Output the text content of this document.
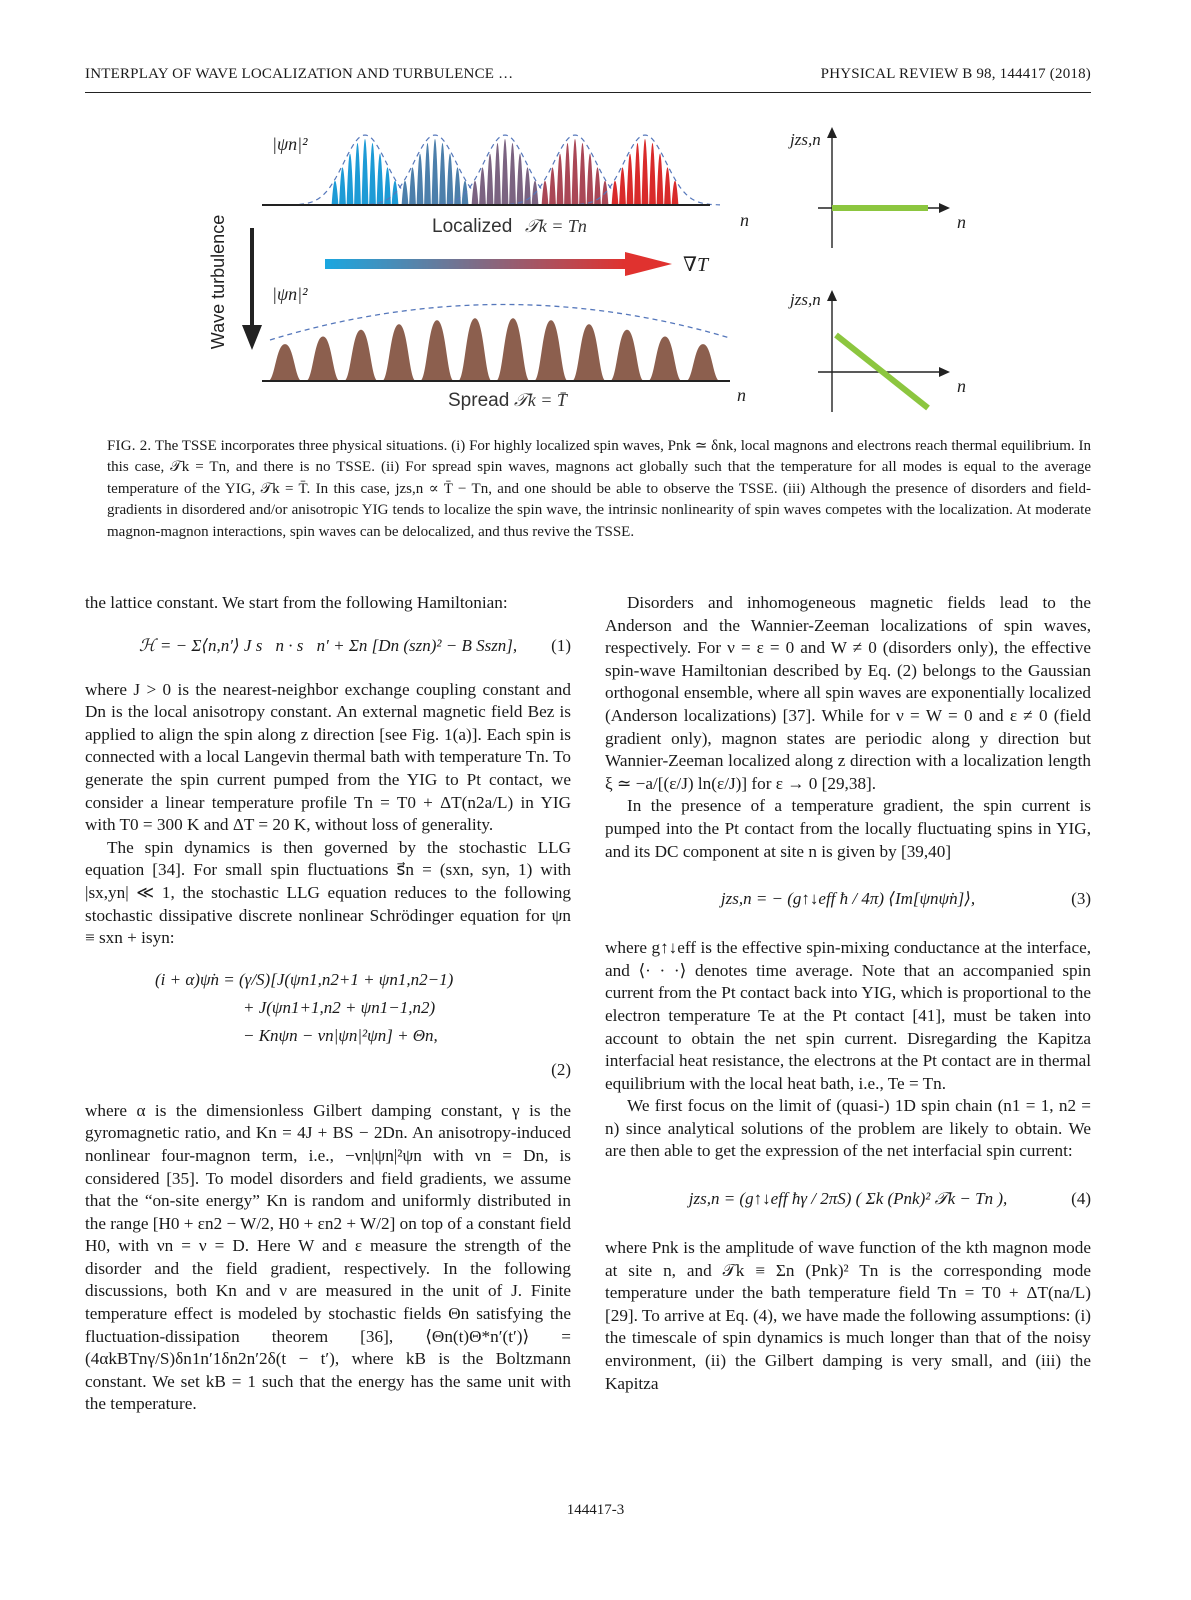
INTERPLAY OF WAVE LOCALIZATION AND TURBULENCE …	PHYSICAL REVIEW B 98, 144417 (2018)
Wave turbulence
|ψn|²
Localized 𝒯k = Tn	n
∇T
|ψn|²
Spread 𝒯k = T̄	n
jzs,n
n
jzs,n
n
FIG. 2. The TSSE incorporates three physical situations. (i) For highly localized spin waves, Pnk ≃ δnk, local magnons and electrons reach thermal equilibrium. In this case, 𝒯k = Tn, and there is no TSSE. (ii) For spread spin waves, magnons act globally such that the temperature for all modes is equal to the average temperature of the YIG, 𝒯k = T̄. In this case, jzs,n ∝ T̄ − Tn, and one should be able to observe the TSSE. (iii) Although the presence of disorders and field-gradients in disordered and/or anisotropic YIG tends to localize the spin wave, the intrinsic nonlinearity of spin waves competes with the localization. At moderate magnon-magnon interactions, spin waves can be delocalized, and thus revive the TSSE.

the lattice constant. We start from the following Hamiltonian:

ℋ = − Σ⟨n,n′⟩ J s⃗n · s⃗n′ + Σn [Dn (szn)² − B Sszn], (1)

where J > 0 is the nearest-neighbor exchange coupling constant and Dn is the local anisotropy constant. An external magnetic field Bez is applied to align the spin along z direction [see Fig. 1(a)]. Each spin is connected with a local Langevin thermal bath with temperature Tn. To generate the spin current pumped from the YIG to Pt contact, we consider a linear temperature profile Tn = T0 + ΔT(n2a/L) in YIG with T0 = 300 K and ΔT = 20 K, without loss of generality.

The spin dynamics is then governed by the stochastic LLG equation [34]. For small spin fluctuations s⃗n = (sxn, syn, 1) with |sx,yn| ≪ 1, the stochastic LLG equation reduces to the following stochastic dissipative discrete nonlinear Schrödinger equation for ψn ≡ sxn + isyn:

(i + α)ψ̇n = (γ/S)[J(ψn1,n2+1 + ψn1,n2−1)
+ J(ψn1+1,n2 + ψn1−1,n2)
− Knψn − νn|ψn|²ψn] + Θn,
(2)

where α is the dimensionless Gilbert damping constant, γ is the gyromagnetic ratio, and Kn = 4J + BS − 2Dn. An anisotropy-induced nonlinear four-magnon term, i.e., −νn|ψn|²ψn with νn = Dn, is considered [35]. To model disorders and field gradients, we assume that the “on-site energy” Kn is random and uniformly distributed in the range [H0 + εn2 − W/2, H0 + εn2 + W/2] on top of a constant field H0, with νn = ν = D. Here W and ε measure the strength of the disorder and the field gradient, respectively. In the following discussions, both Kn and ν are measured in the unit of J. Finite temperature effect is modeled by stochastic fields Θn satisfying the fluctuation-dissipation theorem [36], ⟨Θn(t)Θ*n′(t′)⟩ = (4αkBTnγ/S)δn1n′1δn2n′2δ(t − t′), where kB is the Boltzmann constant. We set kB = 1 such that the energy has the same unit with the temperature.

Disorders and inhomogeneous magnetic fields lead to the Anderson and the Wannier-Zeeman localizations of spin waves, respectively. For ν = ε = 0 and W ≠ 0 (disorders only), the effective spin-wave Hamiltonian described by Eq. (2) belongs to the Gaussian orthogonal ensemble, where all spin waves are exponentially localized (Anderson localizations) [37]. While for ν = W = 0 and ε ≠ 0 (field gradient only), magnon states are periodic along y direction but Wannier-Zeeman localized along z direction with a localization length ξ ≃ −a/[(ε/J) ln(ε/J)] for ε → 0 [29,38].

In the presence of a temperature gradient, the spin current is pumped into the Pt contact from the locally fluctuating spins in YIG, and its DC component at site n is given by [39,40]

jzs,n = − (g↑↓eff ħ / 4π) ⟨Im[ψnψ̇n]⟩,	(3)

where g↑↓eff is the effective spin-mixing conductance at the interface, and ⟨· · ·⟩ denotes time average. Note that an accompanied spin current from the Pt contact back into YIG, which is proportional to the electron temperature Te at the Pt contact [41], must be taken into account to obtain the net spin current. Disregarding the Kapitza interfacial heat resistance, the electrons at the Pt contact are in thermal equilibrium with the local heat bath, i.e., Te = Tn.

We first focus on the limit of (quasi-) 1D spin chain (n1 = 1, n2 = n) since analytical solutions of the problem are likely to obtain. We are then able to get the expression of the net interfacial spin current:

jzs,n = (g↑↓eff ħγ / 2πS) ( Σk (Pnk)² 𝒯k − Tn ),	(4)

where Pnk is the amplitude of wave function of the kth magnon mode at site n, and 𝒯k ≡ Σn (Pnk)² Tn is the corresponding mode temperature under the bath temperature field Tn = T0 + ΔT(na/L) [29]. To arrive at Eq. (4), we have made the following assumptions: (i) the timescale of spin dynamics is much longer than that of the noisy environment, (ii) the Gilbert damping is very small, and (iii) the Kapitza

144417-3
